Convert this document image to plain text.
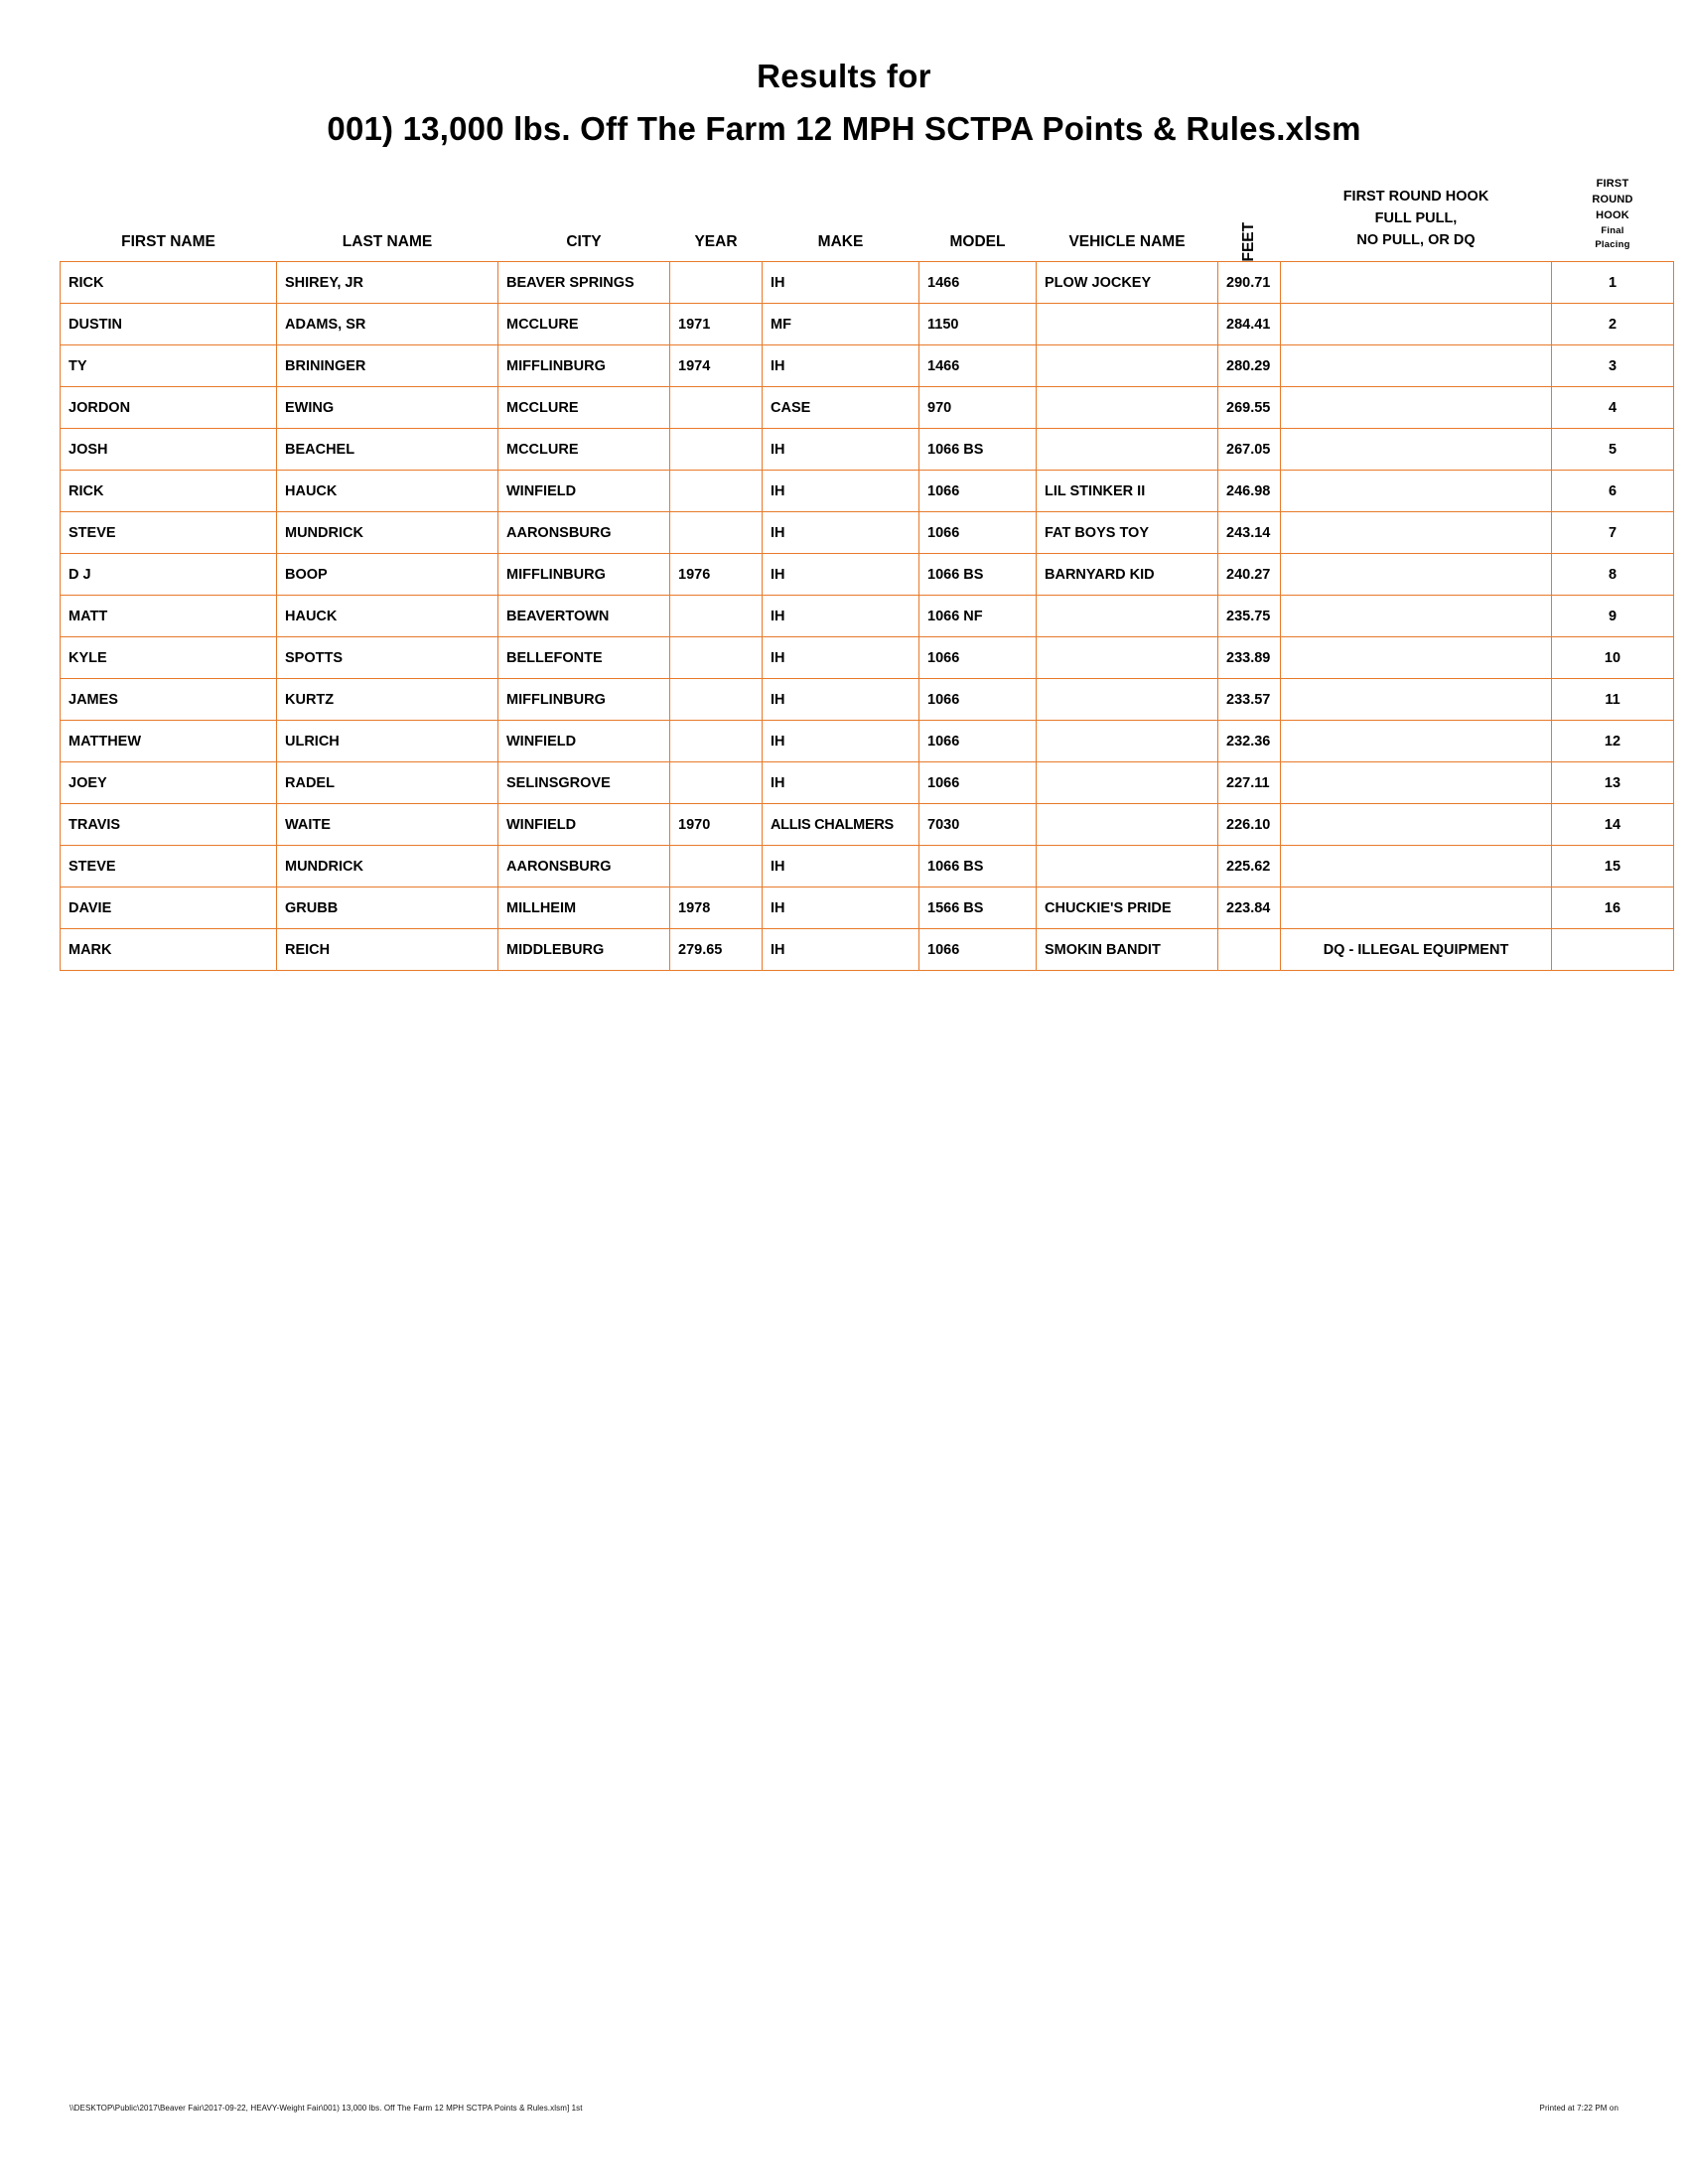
Results for
001) 13,000 lbs. Off The Farm 12 MPH SCTPA Points & Rules.xlsm
FIRST NAME	LAST NAME	CITY	YEAR	MAKE	MODEL	VEHICLE NAME	FEET	
FIRST ROUND HOOK
FULL PULL,
NO PULL, OR DQ

FIRST
ROUND
HOOK
Final
Placing

RICK	SHIREY, JR	BEAVER SPRINGS		IH	1466	PLOW JOCKEY	290.71		1
DUSTIN	ADAMS, SR	MCCLURE	1971	MF	1150		284.41		2
TY	BRININGER	MIFFLINBURG	1974	IH	1466		280.29		3
JORDON	EWING	MCCLURE		CASE	970		269.55		4
JOSH	BEACHEL	MCCLURE		IH	1066 BS		267.05		5
RICK	HAUCK	WINFIELD		IH	1066	LIL STINKER II	246.98		6
STEVE	MUNDRICK	AARONSBURG		IH	1066	FAT BOYS TOY	243.14		7
D J	BOOP	MIFFLINBURG	1976	IH	1066 BS	BARNYARD KID	240.27		8
MATT	HAUCK	BEAVERTOWN		IH	1066 NF		235.75		9
KYLE	SPOTTS	BELLEFONTE		IH	1066		233.89		10
JAMES	KURTZ	MIFFLINBURG		IH	1066		233.57		11
MATTHEW	ULRICH	WINFIELD		IH	1066		232.36		12
JOEY	RADEL	SELINSGROVE		IH	1066		227.11		13
TRAVIS	WAITE	WINFIELD	1970	ALLIS CHALMERS	7030		226.10		14
STEVE	MUNDRICK	AARONSBURG		IH	1066 BS		225.62		15
DAVIE	GRUBB	MILLHEIM	1978	IH	1566 BS	CHUCKIE'S PRIDE	223.84		16
MARK	REICH	MIDDLEBURG	279.65	IH	1066	SMOKIN BANDIT		DQ - ILLEGAL EQUIPMENT	
\\DESKTOP\Public\2017\Beaver Fair\2017-09-22, HEAVY-Weight Fair\001) 13,000 lbs. Off The Farm 12 MPH SCTPA Points & Rules.xlsm] 1st	Printed at 7:22 PM on
